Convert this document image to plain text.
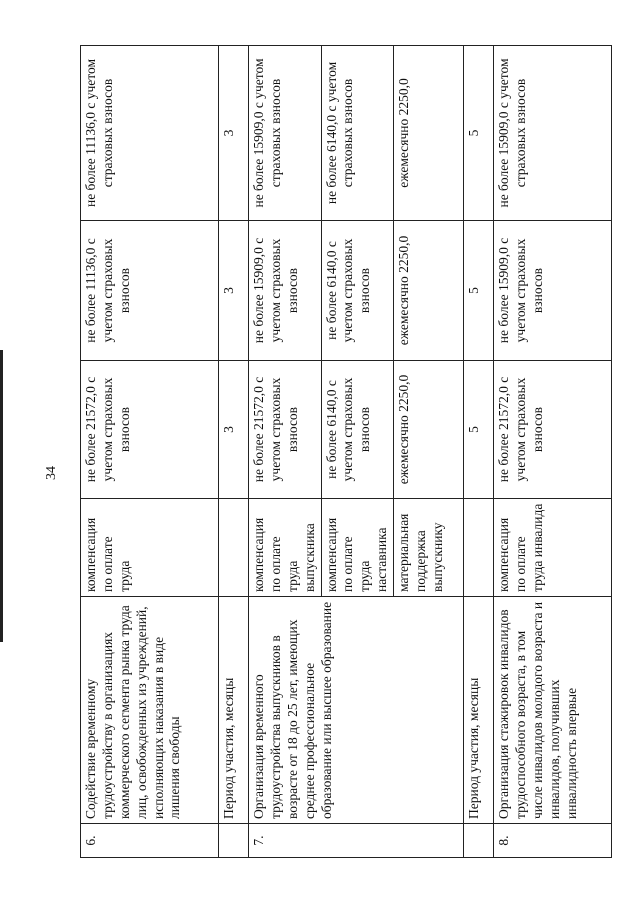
34
6.	Содействие временному трудоустройству в организациях коммерческого сегмента рынка труда лиц, освобожденных из учреждений, исполняющих наказания в виде лишения свободы	компенсация по оплате труда	не более 21572,0 с учетом страховых взносов	не более 11136,0 с учетом страховых взносов	не более 11136,0 с учетом страховых взносов
	Период участия, месяцы		3	3	3
7.	Организация временного трудоустройства выпускников в возрасте от 18 до 25 лет, имеющих среднее профессиональное образование или высшее образование	компенсация по оплате труда выпускника	не более 21572,0 с учетом страховых взносов	не более 15909,0 с учетом страховых взносов	не более 15909,0 с учетом страховых взносов
		компенсация по оплате труда наставника	не более 6140,0 с учетом страховых взносов	не более 6140,0 с учетом страховых взносов	не более 6140,0 с учетом страховых взносов
		материальная поддержка выпускнику	ежемесячно 2250,0	ежемесячно 2250,0	ежемесячно 2250,0
	Период участия, месяцы		5	5	5
8.	Организация стажировок инвалидов трудоспособного возраста, в том числе инвалидов молодого возраста и инвалидов, получивших инвалидность впервые	компенсация по оплате труда инвалида	не более 21572,0 с учетом страховых взносов	не более 15909,0 с учетом страховых взносов	не более 15909,0 с учетом страховых взносов
